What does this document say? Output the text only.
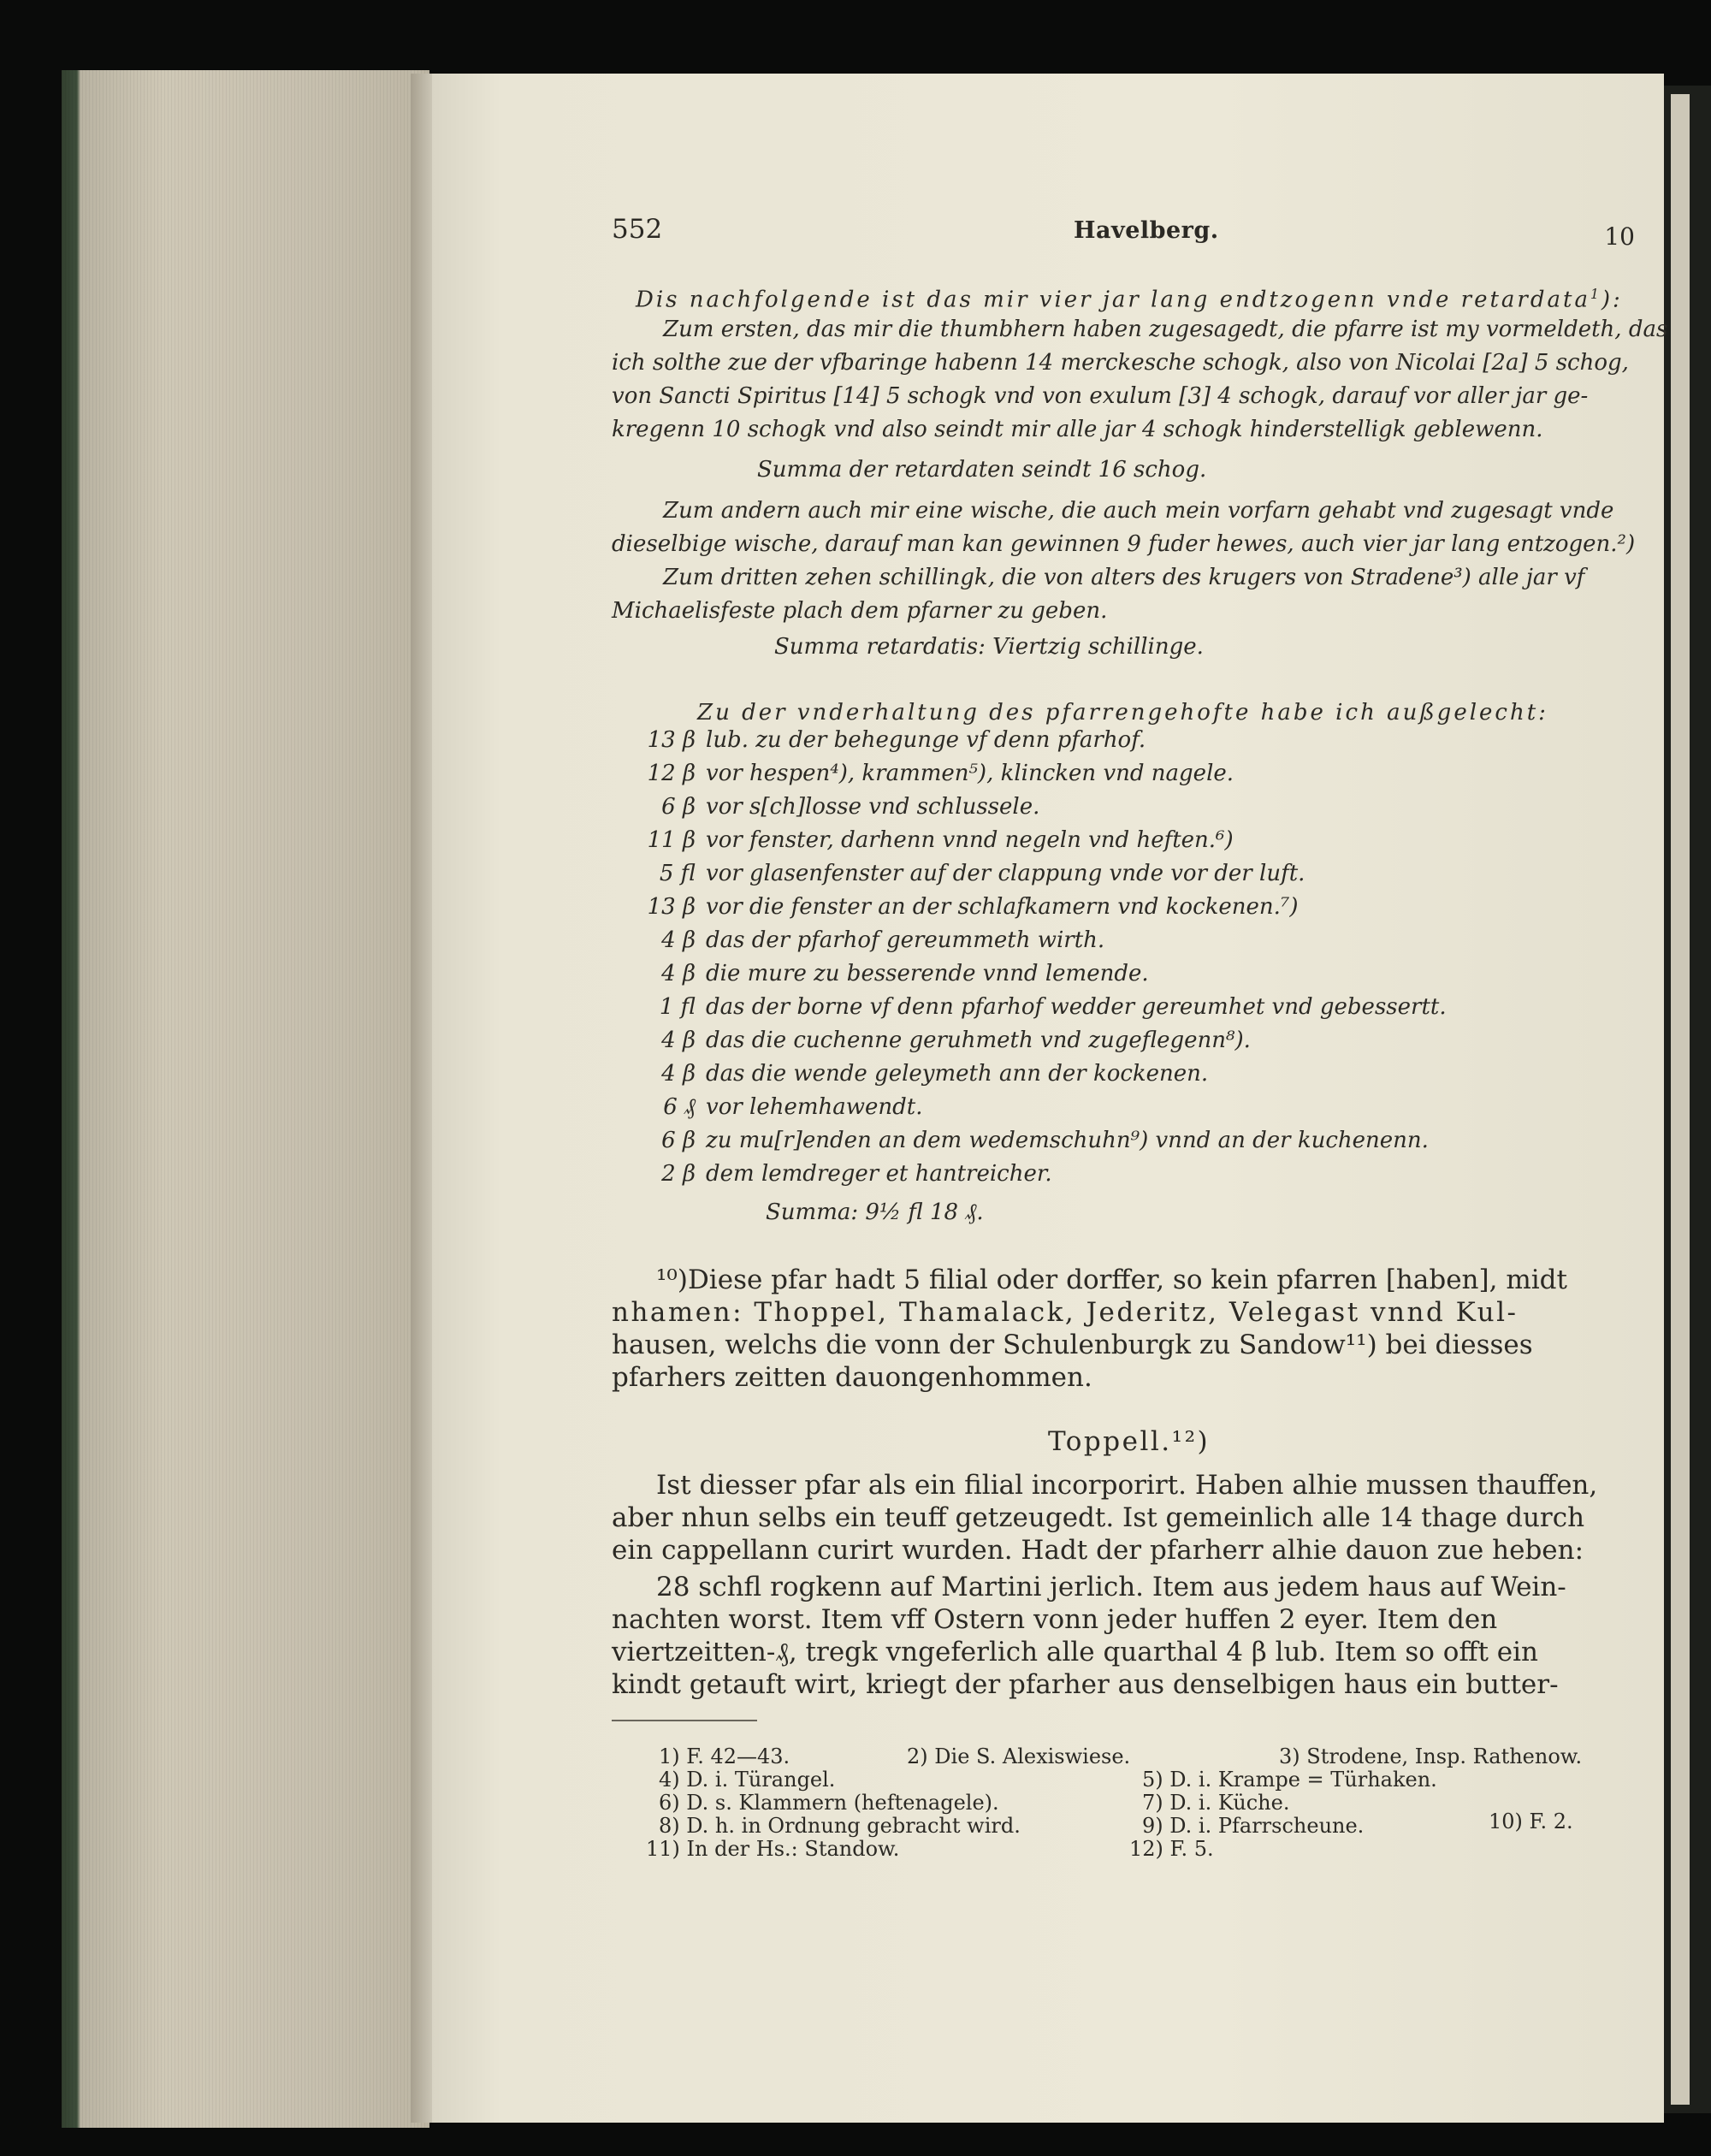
552	Havelberg.	10
Dis nachfolgende ist das mir vier jar lang endtzogenn vnde retardata$^1$):
Zum ersten, das mir die thumbhern haben zugesagedt, die pfarre ist my vormeldeth, das
ich solthe zue der vfbaringe habenn 14 merckesche schogk, also von Nicolai [2a] 5 schog,
von Sancti Spiritus [14] 5 schogk vnd von exulum [3] 4 schogk, darauf vor aller jar ge-
kregenn 10 schogk vnd also seindt mir alle jar 4 schogk hinderstelligk geblewenn.
Summa der retardaten seindt 16 schog.
Zum andern auch mir eine wische, die auch mein vorfarn gehabt vnd zugesagt vnde
dieselbige wische, darauf man kan gewinnen 9 fuder hewes, auch vier jar lang entzogen.²)
Zum dritten zehen schillingk, die von alters des krugers von Stradene³) alle jar vf
Michaelisfeste plach dem pfarner zu geben.
Summa retardatis: Viertzig schillinge.
Zu der vnderhaltung des pfarrengehofte habe ich außgelecht:
13 β lub. zu der behegunge vf denn pfarhof.
12 β vor hespen⁴), krammen⁵), klincken vnd nagele.
6 β vor s[ch]losse vnd schlussele.
11 β vor fenster, darhenn vnnd negeln vnd heften.⁶)
5 fl vor glasenfenster auf der clappung vnde vor der luft.
13 β vor die fenster an der schlafkamern vnd kockenen.⁷)
4 β das der pfarhof gereummeth wirth.
4 β die mure zu besserende vnnd lemende.
1 fl das der borne vf denn pfarhof wedder gereumhet vnd gebessertt.
4 β das die cuchenne geruhmeth vnd zugeflegenn⁸).
4 β das die wende geleymeth ann der kockenen.
6 ₰ vor lehemhawendt.
6 β zu mu[r]enden an dem wedemschuhn⁹) vnnd an der kuchenenn.
2 β dem lemdreger et hantreicher.
Summa: 9½ fl 18 ₰.
¹⁰)Diese pfar hadt 5 filial oder dorffer, so kein pfarren [haben], midt
nhamen: Thoppel, Thamalack, Jederitz, Velegast vnnd Kul-
hausen, welchs die vonn der Schulenburgk zu Sandow¹¹) bei diesses
pfarhers zeitten dauongenhommen.
Toppell.¹²)
Ist diesser pfar als ein filial incorporirt. Haben alhie mussen thauffen,
aber nhun selbs ein teuff getzeugedt. Ist gemeinlich alle 14 thage durch
ein cappellann curirt wurden. Hadt der pfarherr alhie dauon zue heben:
28 schfl rogkenn auf Martini jerlich. Item aus jedem haus auf Wein-
nachten worst. Item vff Ostern vonn jeder huffen 2 eyer. Item den
viertzeitten-₰, tregk vngeferlich alle quarthal 4 β lub. Item so offt ein
kindt getauft wirt, kriegt der pfarher aus denselbigen haus ein butter-
1) F. 42—43.	2) Die S. Alexiswiese.	3) Strodene, Insp. Rathenow.
4) D. i. Türangel.	5) D. i. Krampe = Türhaken.
6) D. s. Klammern (heftenagele).	7) D. i. Küche.
8) D. h. in Ordnung gebracht wird.	9) D. i. Pfarrscheune.	10) F. 2.
11) In der Hs.: Standow.	12) F. 5.
